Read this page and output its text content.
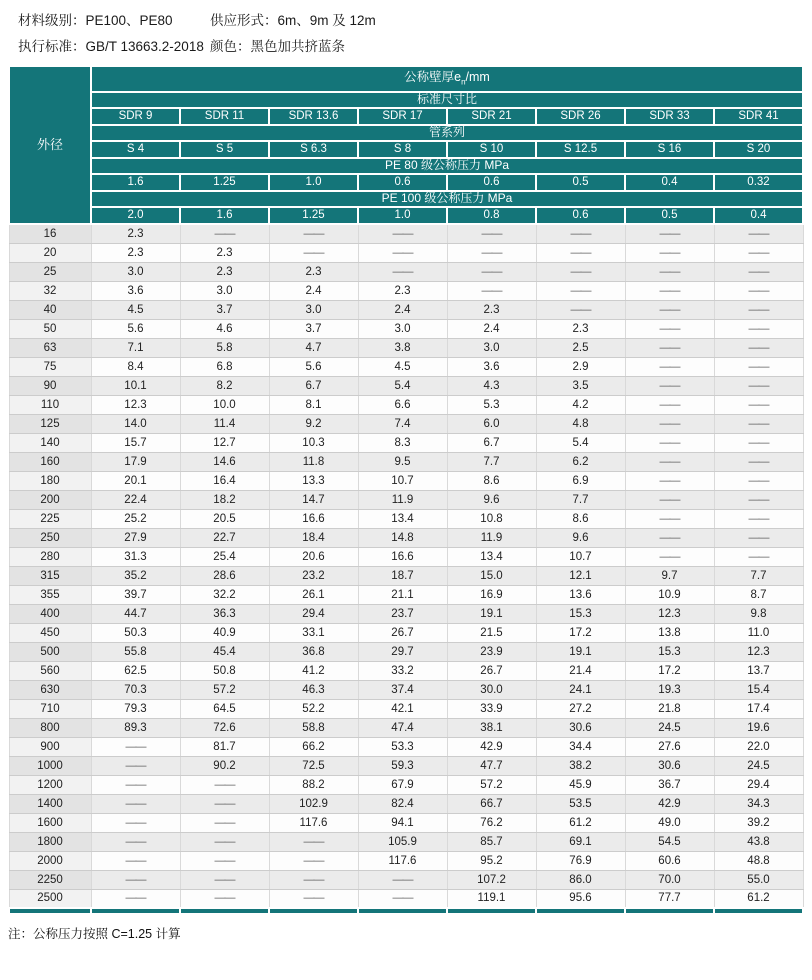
材料级别：PE100、PE80	供应形式：6m、9m 及 12m
执行标准：GB/T 13663.2-2018 颜色：黑色加共挤蓝条
外径	公称壁厚$e_n/mm$							
	标准尺寸比							
	SDR 9	SDR 11	SDR 13.6	SDR 17	SDR 21	SDR 26	SDR 33	SDR 41
	管系列							
	S 4	S 5	S 6.3	S 8	S 10	S 12.5	S 16	S 20
	PE 80 级公称压力 MPa							
	1.6	1.25	1.0	0.6	0.6	0.5	0.4	0.32
	PE 100 级公称压力 MPa							
	2.0	1.6	1.25	1.0	0.8	0.6	0.5	0.4
16	2.3	——	——	——	——	——	——	——
20	2.3	2.3	——	——	——	——	——	——
25	3.0	2.3	2.3	——	——	——	——	——
32	3.6	3.0	2.4	2.3	——	——	——	——
40	4.5	3.7	3.0	2.4	2.3	——	——	——
50	5.6	4.6	3.7	3.0	2.4	2.3	——	——
63	7.1	5.8	4.7	3.8	3.0	2.5	——	——
75	8.4	6.8	5.6	4.5	3.6	2.9	——	——
90	10.1	8.2	6.7	5.4	4.3	3.5	——	——
110	12.3	10.0	8.1	6.6	5.3	4.2	——	——
125	14.0	11.4	9.2	7.4	6.0	4.8	——	——
140	15.7	12.7	10.3	8.3	6.7	5.4	——	——
160	17.9	14.6	11.8	9.5	7.7	6.2	——	——
180	20.1	16.4	13.3	10.7	8.6	6.9	——	——
200	22.4	18.2	14.7	11.9	9.6	7.7	——	——
225	25.2	20.5	16.6	13.4	10.8	8.6	——	——
250	27.9	22.7	18.4	14.8	11.9	9.6	——	——
280	31.3	25.4	20.6	16.6	13.4	10.7	——	——
315	35.2	28.6	23.2	18.7	15.0	12.1	9.7	7.7
355	39.7	32.2	26.1	21.1	16.9	13.6	10.9	8.7
400	44.7	36.3	29.4	23.7	19.1	15.3	12.3	9.8
450	50.3	40.9	33.1	26.7	21.5	17.2	13.8	11.0
500	55.8	45.4	36.8	29.7	23.9	19.1	15.3	12.3
560	62.5	50.8	41.2	33.2	26.7	21.4	17.2	13.7
630	70.3	57.2	46.3	37.4	30.0	24.1	19.3	15.4
710	79.3	64.5	52.2	42.1	33.9	27.2	21.8	17.4
800	89.3	72.6	58.8	47.4	38.1	30.6	24.5	19.6
900	——	81.7	66.2	53.3	42.9	34.4	27.6	22.0
1000	——	90.2	72.5	59.3	47.7	38.2	30.6	24.5
1200	——	——	88.2	67.9	57.2	45.9	36.7	29.4
1400	——	——	102.9	82.4	66.7	53.5	42.9	34.3
1600	——	——	117.6	94.1	76.2	61.2	49.0	39.2
1800	——	——	——	105.9	85.7	69.1	54.5	43.8
2000	——	——	——	117.6	95.2	76.9	60.6	48.8
2250	——	——	——	——	107.2	86.0	70.0	55.0
2500	——	——	——	——	119.1	95.6	77.7	61.2

注：公称压力按照 C=1.25 计算
